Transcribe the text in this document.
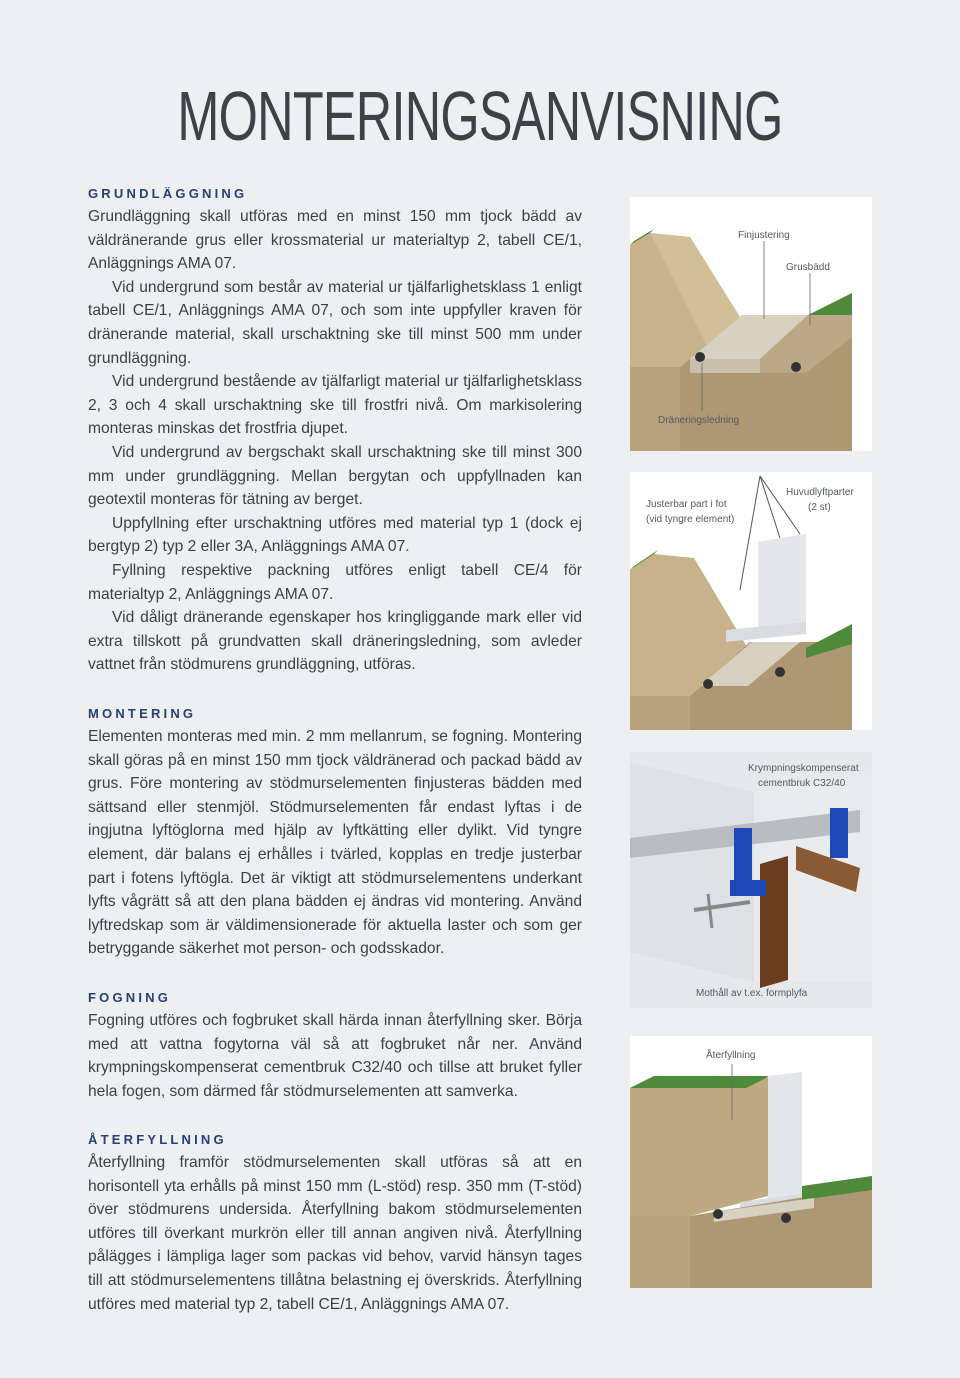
MONTERINGSANVISNING
GRUNDLÄGGNING

Grundläggning skall utföras med en minst 150 mm tjock bädd av väldränerande grus eller krossmaterial ur materialtyp 2, tabell CE/1, Anläggnings AMA 07.

Vid undergrund som består av material ur tjälfarlighetsklass 1 enligt tabell CE/1, Anläggnings AMA 07, och som inte uppfyller kraven för dränerande material, skall urschaktning ske till minst 500 mm under grundläggning.

Vid undergrund bestående av tjälfarligt material ur tjälfarlighetsklass 2, 3 och 4 skall urschaktning ske till frostfri nivå. Om markisolering monteras minskas det frostfria djupet.

Vid undergrund av bergschakt skall urschaktning ske till minst 300 mm under grundläggning. Mellan bergytan och uppfyllnaden kan geotextil monteras för tätning av berget.

Uppfyllning efter urschaktning utföres med material typ 1 (dock ej bergtyp 2) typ 2 eller 3A, Anläggnings AMA 07.

Fyllning respektive packning utföres enligt tabell CE/4 för materialtyp 2, Anläggnings AMA 07.

Vid dåligt dränerande egenskaper hos kringliggande mark eller vid extra tillskott på grundvatten skall dräneringsledning, som avleder vattnet från stödmurens grundläggning, utföras.

MONTERING

Elementen monteras med min. 2 mm mellanrum, se fogning. Montering skall göras på en minst 150 mm tjock väldränerad och packad bädd av grus. Före montering av stödmurselementen finjusteras bädden med sättsand eller stenmjöl. Stödmurselementen får endast lyftas i de ingjutna lyftöglorna med hjälp av lyftkätting eller dylikt. Vid tyngre element, där balans ej erhålles i tvärled, kopplas en tredje justerbar part i fotens lyftögla. Det är viktigt att stödmurselementens underkant lyfts vågrätt så att den plana bädden ej ändras vid montering. Använd lyftredskap som är väldimensionerade för aktuella laster och som ger betryggande säkerhet mot person- och godsskador.

FOGNING

Fogning utföres och fogbruket skall härda innan återfyllning sker. Börja med att vattna fogytorna väl så att fogbruket når ner. Använd krympningskompenserat cementbruk C32/40 och tillse att bruket fyller hela fogen, som därmed får stödmurselementen att samverka.

ÅTERFYLLNING

Återfyllning framför stödmurselementen skall utföras så att en horisontell yta erhålls på minst 150 mm (L-stöd) resp. 350 mm (T-stöd) över stödmurens undersida. Återfyllning bakom stödmurselementen utföres till överkant murkrön eller till annan angiven nivå. Återfyllning pålägges i lämpliga lager som packas vid behov, varvid hänsyn tages till att stödmurselementens tillåtna belastning ej överskrids. Återfyllning utföres med material typ 2, tabell CE/1, Anläggnings AMA 07.

Finjustering
Grusbädd
Dräneringsledning
Justerbar part i fot
(vid tyngre element)
Huvudlyftparter
(2 st)
Krympningskompenserat
cementbruk C32/40
Mothåll av t.ex. formplyfa
Återfyllning
